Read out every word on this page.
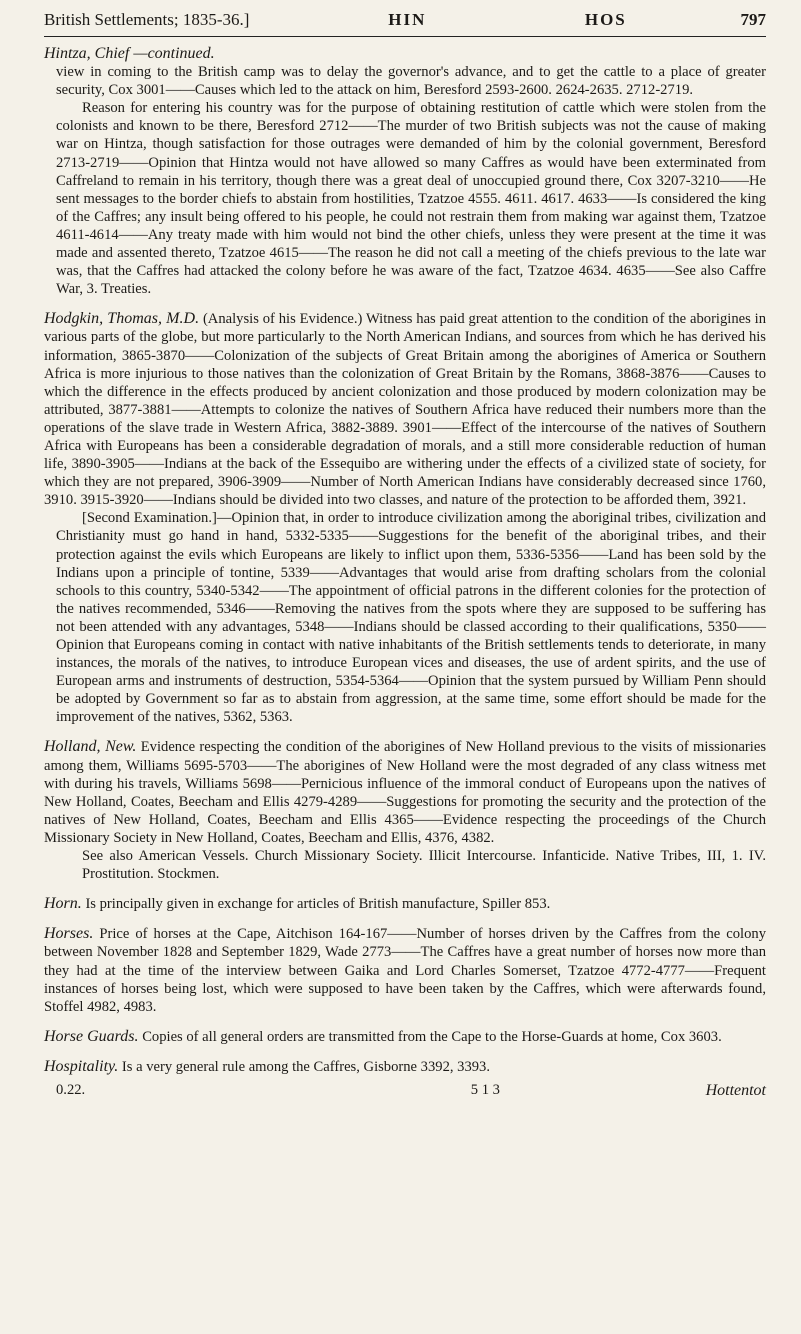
British Settlements; 1835-36.]	HIN	HOS	797

Hintza, Chief —continued.

view in coming to the British camp was to delay the governor's advance, and to get the cattle to a place of greater security, Cox 3001——Causes which led to the attack on him, Beresford 2593-2600. 2624-2635. 2712-2719.

Reason for entering his country was for the purpose of obtaining restitution of cattle which were stolen from the colonists and known to be there, Beresford 2712——The murder of two British subjects was not the cause of making war on Hintza, though satisfaction for those outrages were demanded of him by the colonial government, Beresford 2713-2719——Opinion that Hintza would not have allowed so many Caffres as would have been exterminated from Caffreland to remain in his territory, though there was a great deal of unoccupied ground there, Cox 3207-3210——He sent messages to the border chiefs to abstain from hostilities, Tzatzoe 4555. 4611. 4617. 4633——Is considered the king of the Caffres; any insult being offered to his people, he could not restrain them from making war against them, Tzatzoe 4611-4614——Any treaty made with him would not bind the other chiefs, unless they were present at the time it was made and assented thereto, Tzatzoe 4615——The reason he did not call a meeting of the chiefs previous to the late war was, that the Caffres had attacked the colony before he was aware of the fact, Tzatzoe 4634. 4635——See also Caffre War, 3. Treaties.

Hodgkin, Thomas, M.D. (Analysis of his Evidence.) Witness has paid great attention to the condition of the aborigines in various parts of the globe, but more particularly to the North American Indians, and sources from which he has derived his information, 3865-3870——Colonization of the subjects of Great Britain among the aborigines of America or Southern Africa is more injurious to those natives than the colonization of Great Britain by the Romans, 3868-3876——Causes to which the difference in the effects produced by ancient colonization and those produced by modern colonization may be attributed, 3877-3881——Attempts to colonize the natives of Southern Africa have reduced their numbers more than the operations of the slave trade in Western Africa, 3882-3889. 3901——Effect of the intercourse of the natives of Southern Africa with Europeans has been a considerable degradation of morals, and a still more considerable reduction of human life, 3890-3905——Indians at the back of the Essequibo are withering under the effects of a civilized state of society, for which they are not prepared, 3906-3909——Number of North American Indians have considerably decreased since 1760, 3910. 3915-3920——Indians should be divided into two classes, and nature of the protection to be afforded them, 3921.

[Second Examination.]—Opinion that, in order to introduce civilization among the aboriginal tribes, civilization and Christianity must go hand in hand, 5332-5335——Suggestions for the benefit of the aboriginal tribes, and their protection against the evils which Europeans are likely to inflict upon them, 5336-5356——Land has been sold by the Indians upon a principle of tontine, 5339——Advantages that would arise from drafting scholars from the colonial schools to this country, 5340-5342——The appointment of official patrons in the different colonies for the protection of the natives recommended, 5346——Removing the natives from the spots where they are supposed to be suffering has not been attended with any advantages, 5348——Indians should be classed according to their qualifications, 5350——Opinion that Europeans coming in contact with native inhabitants of the British settlements tends to deteriorate, in many instances, the morals of the natives, to introduce European vices and diseases, the use of ardent spirits, and the use of European arms and instruments of destruction, 5354-5364——Opinion that the system pursued by William Penn should be adopted by Government so far as to abstain from aggression, at the same time, some effort should be made for the improvement of the natives, 5362, 5363.

Holland, New. Evidence respecting the condition of the aborigines of New Holland previous to the visits of missionaries among them, Williams 5695-5703——The aborigines of New Holland were the most degraded of any class witness met with during his travels, Williams 5698——Pernicious influence of the immoral conduct of Europeans upon the natives of New Holland, Coates, Beecham and Ellis 4279-4289——Suggestions for promoting the security and the protection of the natives of New Holland, Coates, Beecham and Ellis 4365——Evidence respecting the proceedings of the Church Missionary Society in New Holland, Coates, Beecham and Ellis, 4376, 4382.

See also American Vessels. Church Missionary Society. Illicit Intercourse. Infanticide. Native Tribes, III, 1. IV. Prostitution. Stockmen.

Horn. Is principally given in exchange for articles of British manufacture, Spiller 853.

Horses. Price of horses at the Cape, Aitchison 164-167——Number of horses driven by the Caffres from the colony between November 1828 and September 1829, Wade 2773——The Caffres have a great number of horses now more than they had at the time of the interview between Gaika and Lord Charles Somerset, Tzatzoe 4772-4777——Frequent instances of horses being lost, which were supposed to have been taken by the Caffres, which were afterwards found, Stoffel 4982, 4983.

Horse Guards. Copies of all general orders are transmitted from the Cape to the Horse-Guards at home, Cox 3603.

Hospitality. Is a very general rule among the Caffres, Gisborne 3392, 3393.

0.22.	5 1 3	Hottentot
